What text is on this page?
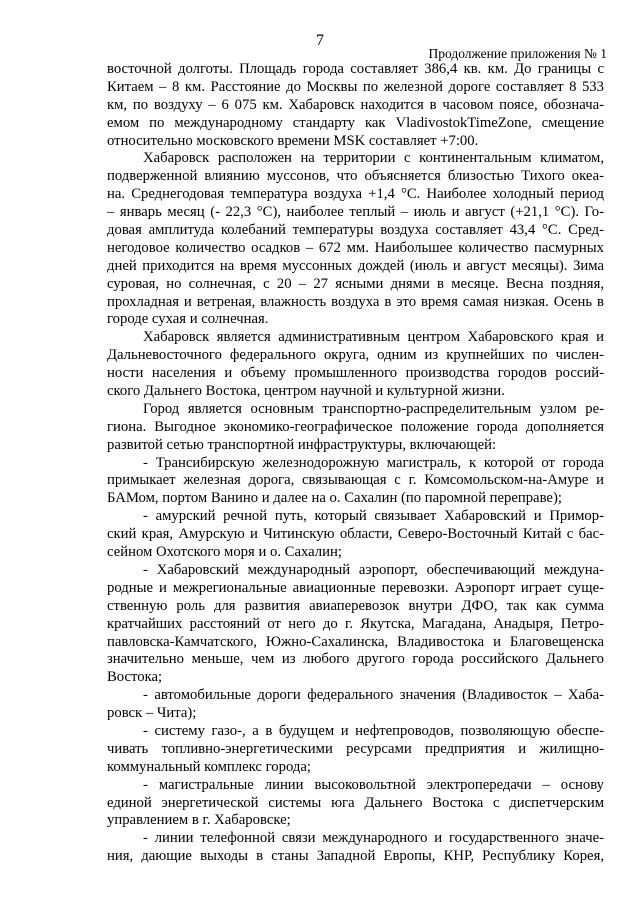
7
Продолжение приложения № 1
восточной долготы. Площадь города составляет 386,4 кв. км. До границы с
Китаем – 8 км. Расстояние до Москвы по железной дороге составляет 8 533
км, по воздуху – 6 075 км. Хабаровск находится в часовом поясе, обознача-
емом по международному стандарту как VladivostokTimeZone, смещение
относительно московского времени MSK составляет +7:00.
Хабаровск расположен на территории с континентальным климатом,
подверженной влиянию муссонов, что объясняется близостью Тихого океа-
на. Среднегодовая температура воздуха +1,4 °С. Наиболее холодный период
– январь месяц (- 22,3 °С), наиболее теплый – июль и август (+21,1 °С). Го-
довая амплитуда колебаний температуры воздуха составляет 43,4 °С. Сред-
негодовое количество осадков – 672 мм. Наибольшее количество пасмурных
дней приходится на время муссонных дождей (июль и август месяцы). Зима
суровая, но солнечная, с 20 – 27 ясными днями в месяце. Весна поздняя,
прохладная и ветреная, влажность воздуха в это время самая низкая. Осень в
городе сухая и солнечная.
Хабаровск является административным центром Хабаровского края и
Дальневосточного федерального округа, одним из крупнейших по числен-
ности населения и объему промышленного производства городов россий-
ского Дальнего Востока, центром научной и культурной жизни.
Город является основным транспортно-распределительным узлом ре-
гиона. Выгодное экономико-географическое положение города дополняется
развитой сетью транспортной инфраструктуры, включающей:
- Трансибирскую железнодорожную магистраль, к которой от города
примыкает железная дорога, связывающая с г. Комсомольском-на-Амуре и
БАМом, портом Ванино и далее на о. Сахалин (по паромной переправе);
- амурский речной путь, который связывает Хабаровский и Примор-
ский края, Амурскую и Читинскую области, Северо-Восточный Китай с бас-
сейном Охотского моря и о. Сахалин;
- Хабаровский международный аэропорт, обеспечивающий междуна-
родные и межрегиональные авиационные перевозки. Аэропорт играет суще-
ственную роль для развития авиаперевозок внутри ДФО, так как сумма
кратчайших расстояний от него до г. Якутска, Магадана, Анадыря, Петро-
павловска-Камчатского, Южно-Сахалинска, Владивостока и Благовещенска
значительно меньше, чем из любого другого города российского Дальнего
Востока;
- автомобильные дороги федерального значения (Владивосток – Хаба-
ровск – Чита);
- систему газо-, а в будущем и нефтепроводов, позволяющую обеспе-
чивать топливно-энергетическими ресурсами предприятия и жилищно-
коммунальный комплекс города;
- магистральные линии высоковольтной электропередачи – основу
единой энергетической системы юга Дальнего Востока с диспетчерским
управлением в г. Хабаровске;
- линии телефонной связи международного и государственного значе-
ния, дающие выходы в станы Западной Европы, КНР, Республику Корея,
